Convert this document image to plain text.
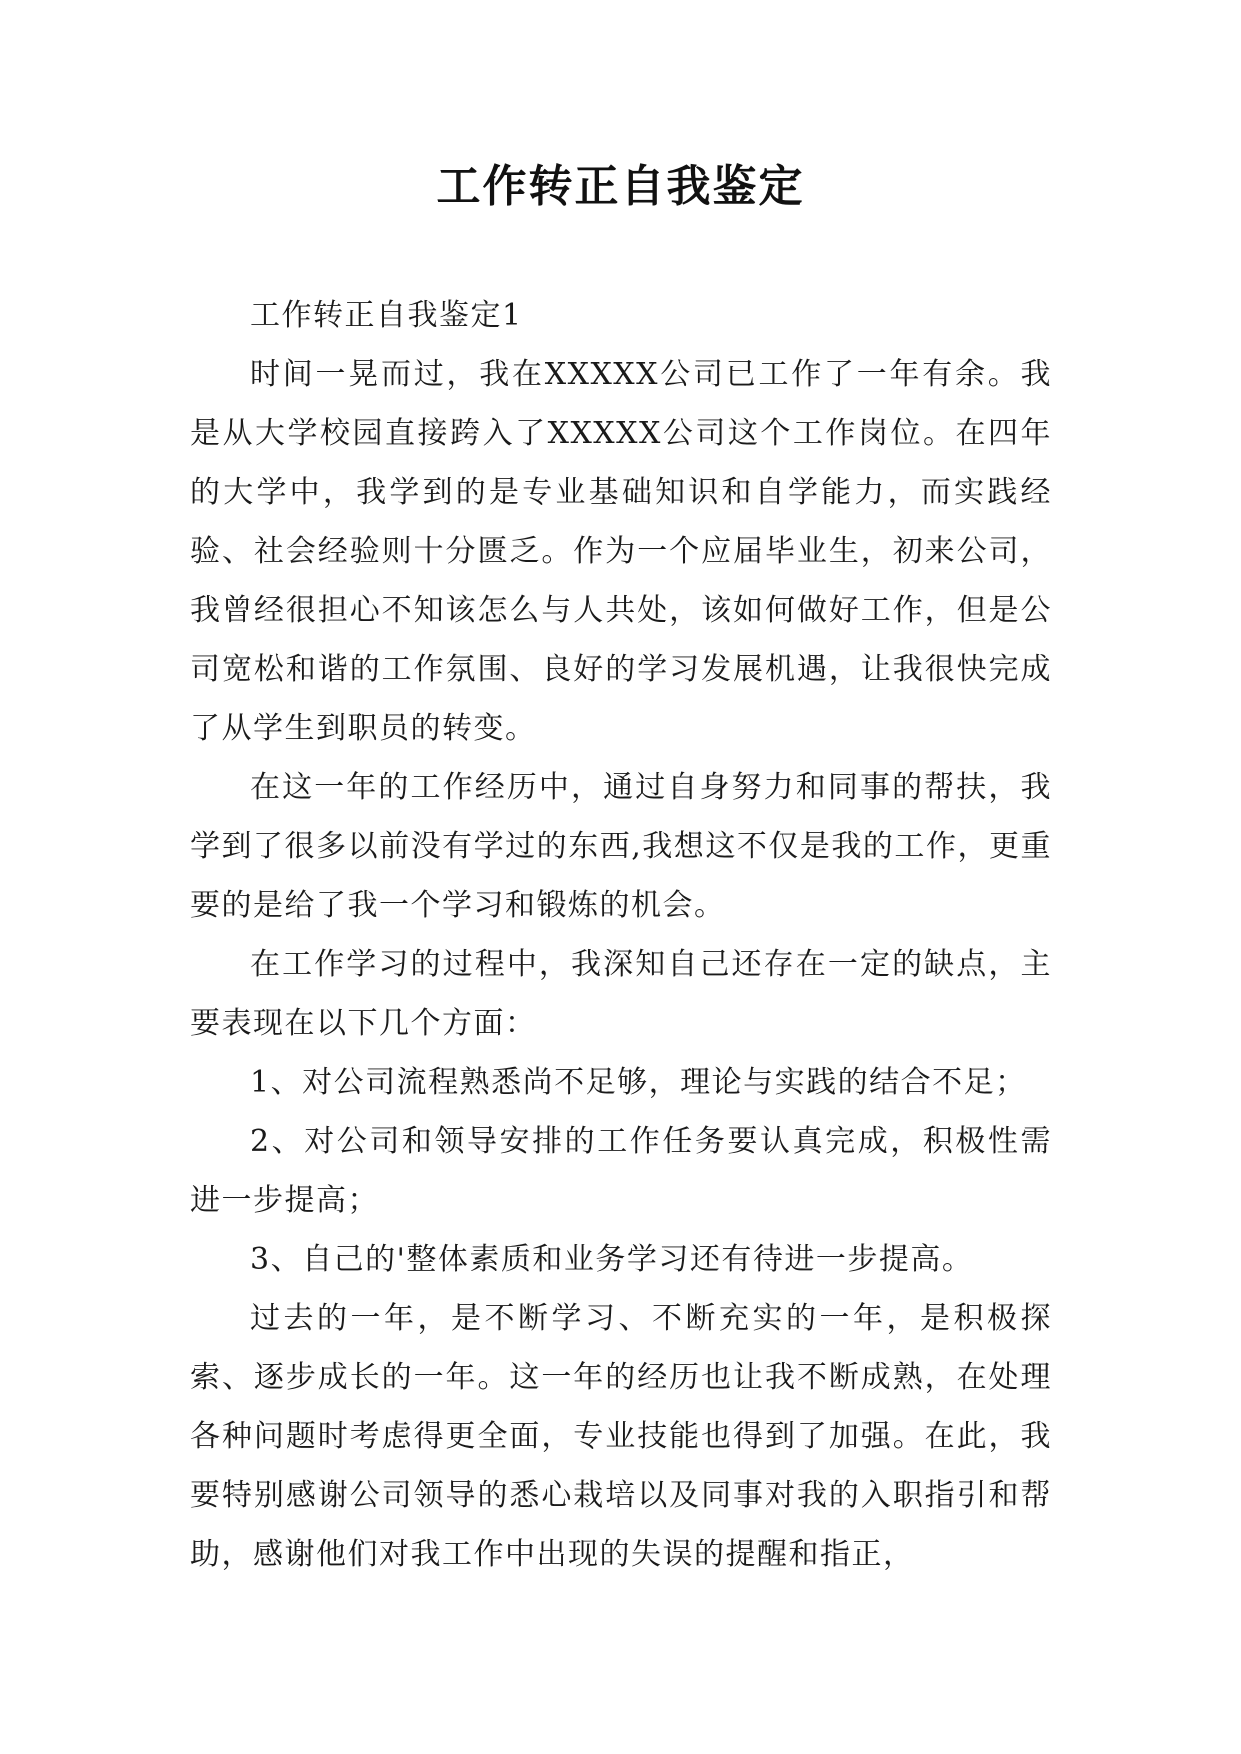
工作转正自我鉴定

工作转正自我鉴定1

时间一晃而过，我在XXXXX公司已工作了一年有余。我是从大学校园直接跨入了XXXXX公司这个工作岗位。在四年的大学中，我学到的是专业基础知识和自学能力，而实践经验、社会经验则十分匮乏。作为一个应届毕业生，初来公司，我曾经很担心不知该怎么与人共处，该如何做好工作，但是公司宽松和谐的工作氛围、良好的学习发展机遇，让我很快完成了从学生到职员的转变。

在这一年的工作经历中，通过自身努力和同事的帮扶，我学到了很多以前没有学过的东西,我想这不仅是我的工作，更重要的是给了我一个学习和锻炼的机会。

在工作学习的过程中，我深知自己还存在一定的缺点，主要表现在以下几个方面：

1、对公司流程熟悉尚不足够，理论与实践的结合不足；

2、对公司和领导安排的工作任务要认真完成，积极性需进一步提高；

3、自己的'整体素质和业务学习还有待进一步提高。

过去的一年，是不断学习、不断充实的一年，是积极探索、逐步成长的一年。这一年的经历也让我不断成熟，在处理各种问题时考虑得更全面，专业技能也得到了加强。在此，我要特别感谢公司领导的悉心栽培以及同事对我的入职指引和帮助，感谢他们对我工作中出现的失误的提醒和指正，
